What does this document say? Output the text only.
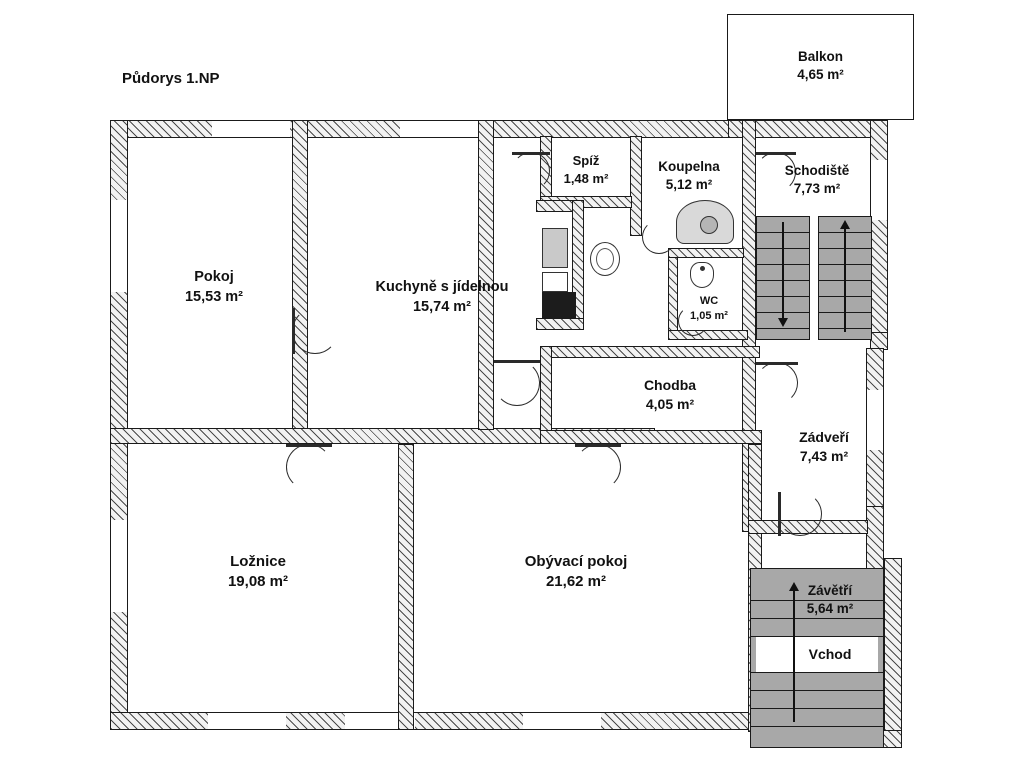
Půdorys 1.NP
Balkon
4,65 m²
Pokoj
15,53 m²
Kuchyně s jídelnou
15,74 m²
Spíž
1,48 m²
Koupelna
5,12 m²
Schodiště
7,73 m²
WC
1,05 m²
Chodba
4,05 m²
Zádveří
7,43 m²
Ložnice
19,08 m²
Obývací pokoj
21,62 m²
Závětří
5,64 m²
Vchod
